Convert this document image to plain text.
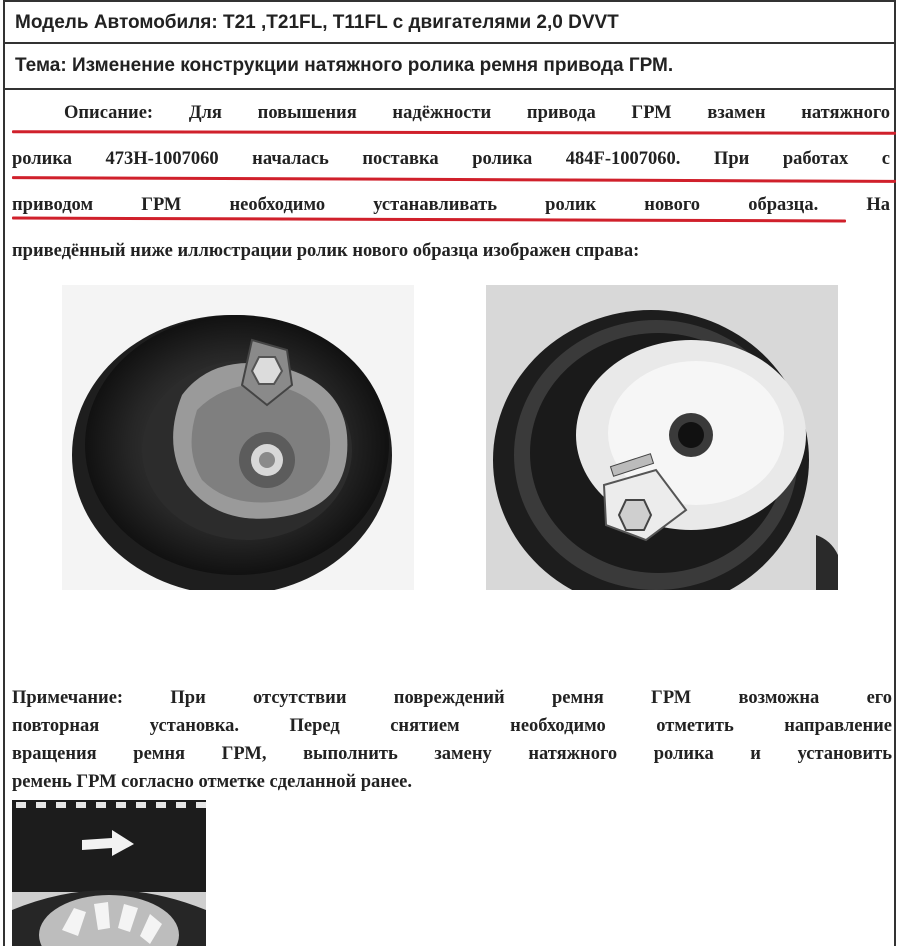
Модель Автомобиля: T21 ,T21FL, T11FL с двигателями 2,0 DVVT
Тема: Изменение конструкции натяжного ролика ремня привода ГРМ.
Описание: Для повышения надёжности привода ГРМ взамен натяжного
ролика 473Н-1007060 началась поставка ролика 484F-1007060. При работах с
приводом ГРМ необходимо устанавливать ролик нового образца. На
приведённый ниже иллюстрации ролик нового образца изображен справа:
Примечание:	При отсутствии повреждений ремня ГРМ возможна его
повторная установка. Перед снятием необходимо отметить направление
вращения ремня ГРМ, выполнить замену натяжного ролика и установить
ремень ГРМ согласно отметке сделанной ранее.
